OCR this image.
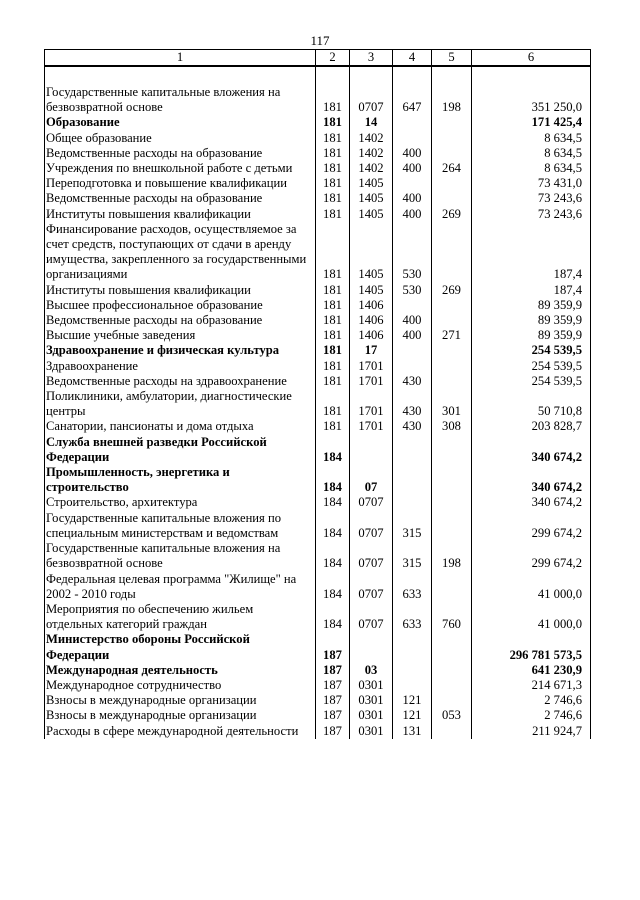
117
1	2	3	4	5	6

Государственные капитальные вложения на безвозвратной основе	181	0707	647	198	351 250,0
Образование	181	14			171 425,4
Общее образование	181	1402			8 634,5
Ведомственные расходы на образование	181	1402	400		8 634,5
Учреждения по внешкольной работе с детьми	181	1402	400	264	8 634,5
Переподготовка и повышение квалификации	181	1405			73 431,0
Ведомственные расходы на образование	181	1405	400		73 243,6
Институты повышения квалификации	181	1405	400	269	73 243,6
Финансирование расходов, осуществляемое за счет средств, поступающих от сдачи в аренду имущества, закрепленного за государственными организациями	181	1405	530		187,4
Институты повышения квалификации	181	1405	530	269	187,4
Высшее профессиональное образование	181	1406			89 359,9
Ведомственные расходы на образование	181	1406	400		89 359,9
Высшие учебные заведения	181	1406	400	271	89 359,9
Здравоохранение и физическая культура	181	17			254 539,5
Здравоохранение	181	1701			254 539,5
Ведомственные расходы на здравоохранение	181	1701	430		254 539,5
Поликлиники, амбулатории, диагностические центры	181	1701	430	301	50 710,8
Санатории, пансионаты и дома отдыха	181	1701	430	308	203 828,7
Служба внешней разведки Российской Федерации	184				340 674,2
Промышленность, энергетика и строительство	184	07			340 674,2
Строительство, архитектура	184	0707			340 674,2
Государственные капитальные вложения по специальным министерствам и ведомствам	184	0707	315		299 674,2
Государственные капитальные вложения на безвозвратной основе	184	0707	315	198	299 674,2
Федеральная целевая программа "Жилище" на 2002 - 2010 годы	184	0707	633		41 000,0
Мероприятия по обеспечению жильем отдельных категорий граждан	184	0707	633	760	41 000,0
Министерство обороны Российской Федерации	187				296 781 573,5
Международная деятельность	187	03			641 230,9
Международное сотрудничество	187	0301			214 671,3
Взносы в международные организации	187	0301	121		2 746,6
Взносы в международные организации	187	0301	121	053	2 746,6
Расходы в сфере международной деятельности	187	0301	131		211 924,7
